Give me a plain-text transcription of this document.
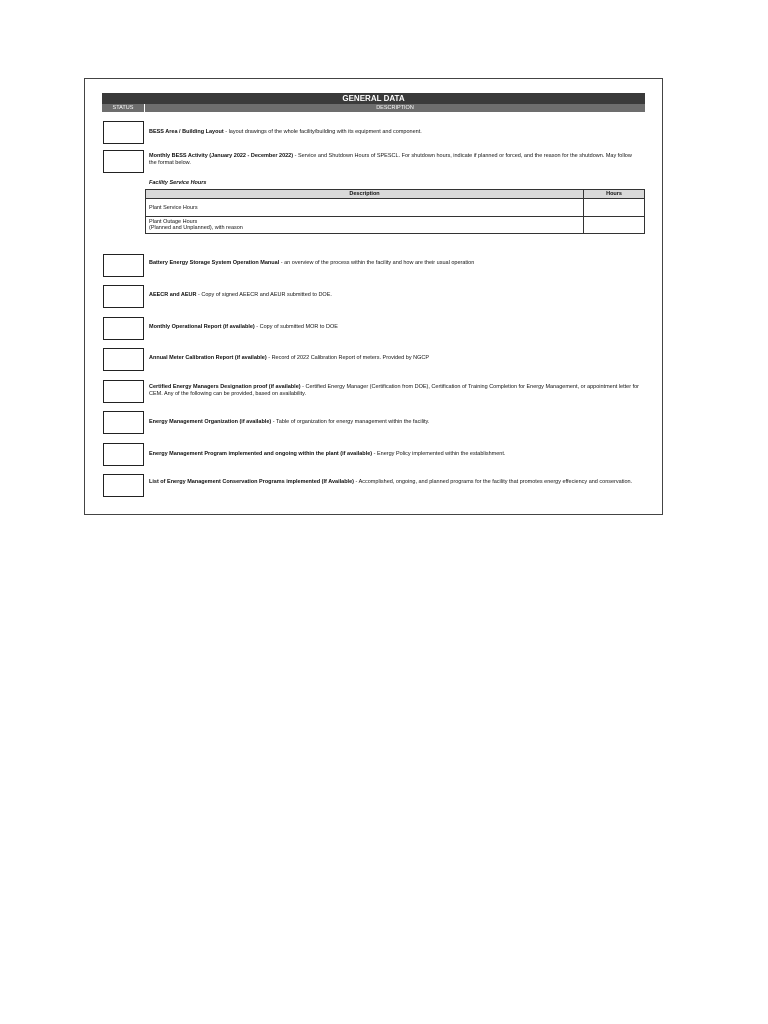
GENERAL DATA
STATUS	DESCRIPTION
BESS Area / Building Layout - layout drawings of the whole facility/building with its equipment and component.
Monthly BESS Activity (January 2022 - December 2022) - Service and Shutdown Hours of SPESCL. For shutdown hours, indicate if planned or forced, and the reason for the shutdown. May follow the format below.
Facility Service Hours
Description	Hours
Plant Service Hours	
Plant Outage Hours
(Planned and Unplanned), with reason	
Battery Energy Storage System Operation Manual - an overview of the process within the facility and how are their usual operation
AEECR and AEUR - Copy of signed AEECR and AEUR submitted to DOE.
Monthly Operational Report (if available) - Copy of submitted MOR to DOE
Annual Meter Calibration Report (if available) - Record of 2022 Calibration Report of meters. Provided by NGCP
Certified Energy Managers Designation proof (if available) - Certified Energy Manager (Certification from DOE), Certification of Training Completion for Energy Management, or appointment letter for CEM. Any of the following can be provided, based on availability.
Energy Management Organization (if available) - Table of organization for energy management within the facility.
Energy Management Program implemented and ongoing within the plant (if available) - Energy Policy implemented within the establishment.
List of Energy Management Conservation Programs implemented (If Available) - Accomplished, ongoing, and planned programs for the facility that promotes energy effeciency and conservation.
